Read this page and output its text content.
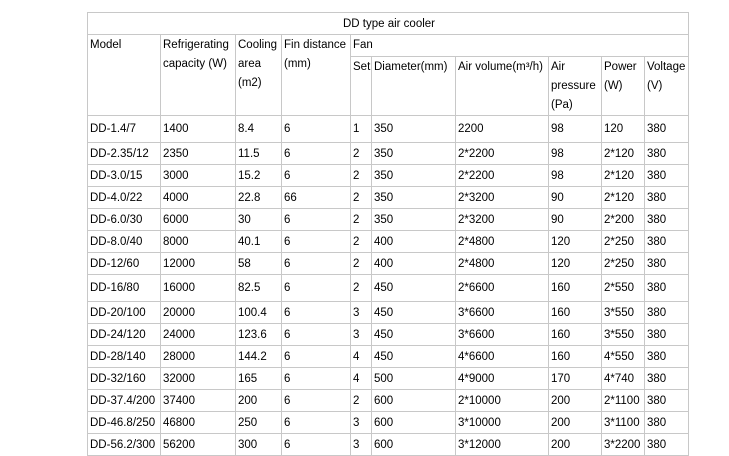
DD type air cooler									
Model	Refrigerating capacity (W)	Cooling area (m2)	Fin distance (mm)	Fan					
				Set	Diameter(mm)	Air volume(m³/h)	Air pressure (Pa)	Power (W)	Voltage (V)
DD-1.4/7	1400	8.4	6	1	350	2200	98	120	380
DD-2.35/12	2350	11.5	6	2	350	2*2200	98	2*120	380
DD-3.0/15	3000	15.2	6	2	350	2*2200	98	2*120	380
DD-4.0/22	4000	22.8	66	2	350	2*3200	90	2*120	380
DD-6.0/30	6000	30	6	2	350	2*3200	90	2*200	380
DD-8.0/40	8000	40.1	6	2	400	2*4800	120	2*250	380
DD-12/60	12000	58	6	2	400	2*4800	120	2*250	380
DD-16/80	16000	82.5	6	2	450	2*6600	160	2*550	380
DD-20/100	20000	100.4	6	3	450	3*6600	160	3*550	380
DD-24/120	24000	123.6	6	3	450	3*6600	160	3*550	380
DD-28/140	28000	144.2	6	4	450	4*6600	160	4*550	380
DD-32/160	32000	165	6	4	500	4*9000	170	4*740	380
DD-37.4/200	37400	200	6	2	600	2*10000	200	2*1100	380
DD-46.8/250	46800	250	6	3	600	3*10000	200	3*1100	380
DD-56.2/300	56200	300	6	3	600	3*12000	200	3*2200	380
